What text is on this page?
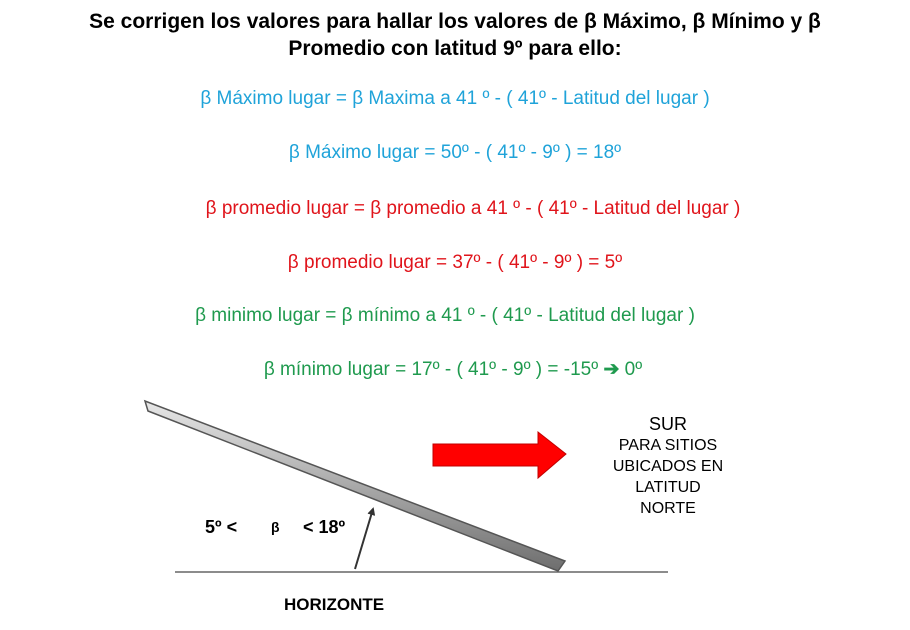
Se corrigen los valores para hallar los valores de β Máximo, β Mínimo y β
Promedio con latitud 9º para ello:
β Máximo lugar = β Maxima a 41 º - ( 41º - Latitud del lugar )
β Máximo lugar = 50º - ( 41º - 9º ) = 18º
β promedio lugar = β promedio a 41 º - ( 41º - Latitud del lugar )
β promedio lugar = 37º - ( 41º - 9º ) = 5º
β minimo lugar = β mínimo a 41 º - ( 41º - Latitud del lugar )
β mínimo lugar = 17º - ( 41º - 9º ) = -15º ➔ 0º
5º < β < 18º
SUR
PARA SITIOS
UBICADOS EN
LATITUD
NORTE
HORIZONTE
